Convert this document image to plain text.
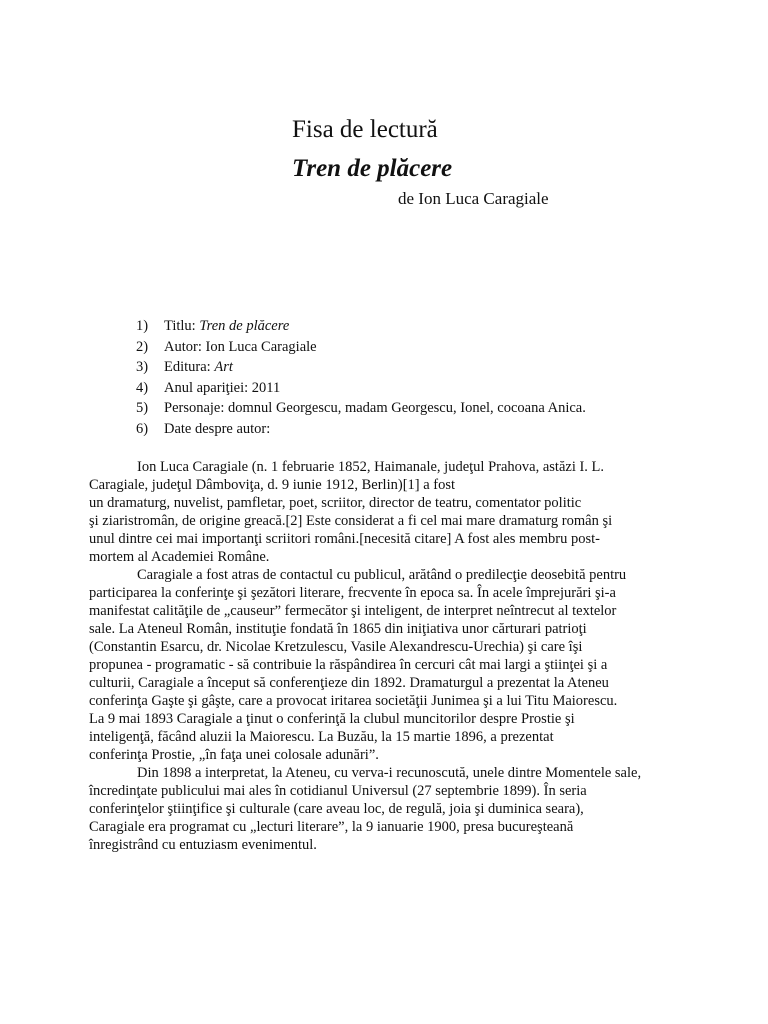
Fisa de lectură
Tren de plăcere
de Ion Luca Caragiale
1) Titlu: Tren de plăcere
2) Autor: Ion Luca Caragiale
3) Editura: Art
4) Anul apariţiei: 2011
5) Personaje: domnul Georgescu, madam Georgescu, Ionel, cocoana Anica.
6) Date despre autor:
Ion Luca Caragiale (n. 1 februarie 1852, Haimanale, judeţul Prahova, astăzi I. L.
Caragiale, judeţul Dâmboviţa, d. 9 iunie 1912, Berlin)[1] a fost
un dramaturg, nuvelist, pamfletar, poet, scriitor, director de teatru, comentator politic
şi ziaristromân, de origine greacă.[2] Este considerat a fi cel mai mare dramaturg român şi
unul dintre cei mai importanţi scriitori români.[necesită citare] A fost ales membru post-
mortem al Academiei Române.
Caragiale a fost atras de contactul cu publicul, arătând o predilecţie deosebită pentru
participarea la conferinţe şi şezători literare, frecvente în epoca sa. În acele împrejurări şi-a
manifestat calităţile de „causeur” fermecător şi inteligent, de interpret neîntrecut al textelor
sale. La Ateneul Român, instituţie fondată în 1865 din iniţiativa unor cărturari patrioţi
(Constantin Esarcu, dr. Nicolae Kretzulescu, Vasile Alexandrescu-Urechia) şi care îşi
propunea - programatic - să contribuie la răspândirea în cercuri cât mai largi a ştiinţei şi a
culturii, Caragiale a început să conferenţieze din 1892. Dramaturgul a prezentat la Ateneu
conferinţa Gaşte şi gâşte, care a provocat iritarea societăţii Junimea şi a lui Titu Maiorescu.
La 9 mai 1893 Caragiale a ţinut o conferinţă la clubul muncitorilor despre Prostie şi
inteligenţă, făcând aluzii la Maiorescu. La Buzău, la 15 martie 1896, a prezentat
conferinţa Prostie, „în faţa unei colosale adunări”.
Din 1898 a interpretat, la Ateneu, cu verva-i recunoscută, unele dintre Momentele sale,
încredinţate publicului mai ales în cotidianul Universul (27 septembrie 1899). În seria
conferinţelor ştiinţifice şi culturale (care aveau loc, de regulă, joia şi duminica seara),
Caragiale era programat cu „lecturi literare”, la 9 ianuarie 1900, presa bucureşteană
înregistrând cu entuziasm evenimentul.
